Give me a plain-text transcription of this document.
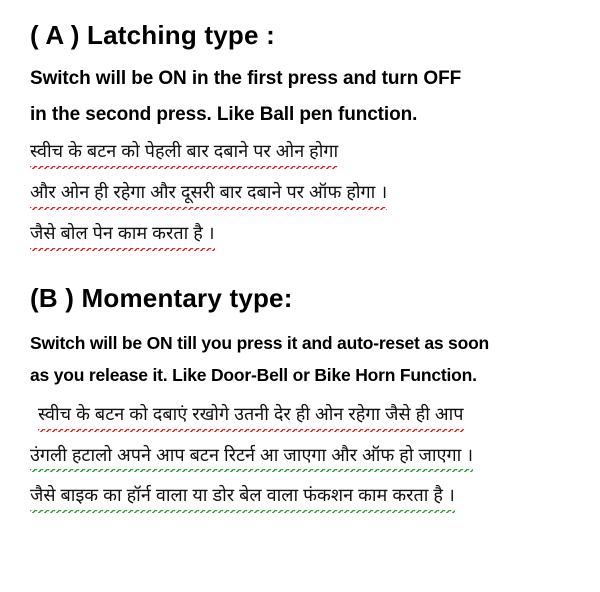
( A ) Latching type :

Switch will be ON in the first press and turn OFF

in the second press. Like Ball pen function.

स्वीच के बटन को पेहली बार दबाने पर ओन होगा
और ओन ही रहेगा और दूसरी बार दबाने पर ऑफ होगा ।
जैसे बोल पेन काम करता है ।
(B ) Momentary type:

Switch will be ON till you press it and auto-reset as soon

as you release it. Like Door-Bell or Bike Horn Function.

स्वीच के बटन को दबाएं रखोगे उतनी देर ही ओन रहेगा जैसे ही आप
उंगली हटालो अपने आप बटन रिटर्न आ जाएगा और ऑफ हो जाएगा ।
जैसे बाइक का हॉर्न वाला या डोर बेल वाला फंकशन काम करता है ।
